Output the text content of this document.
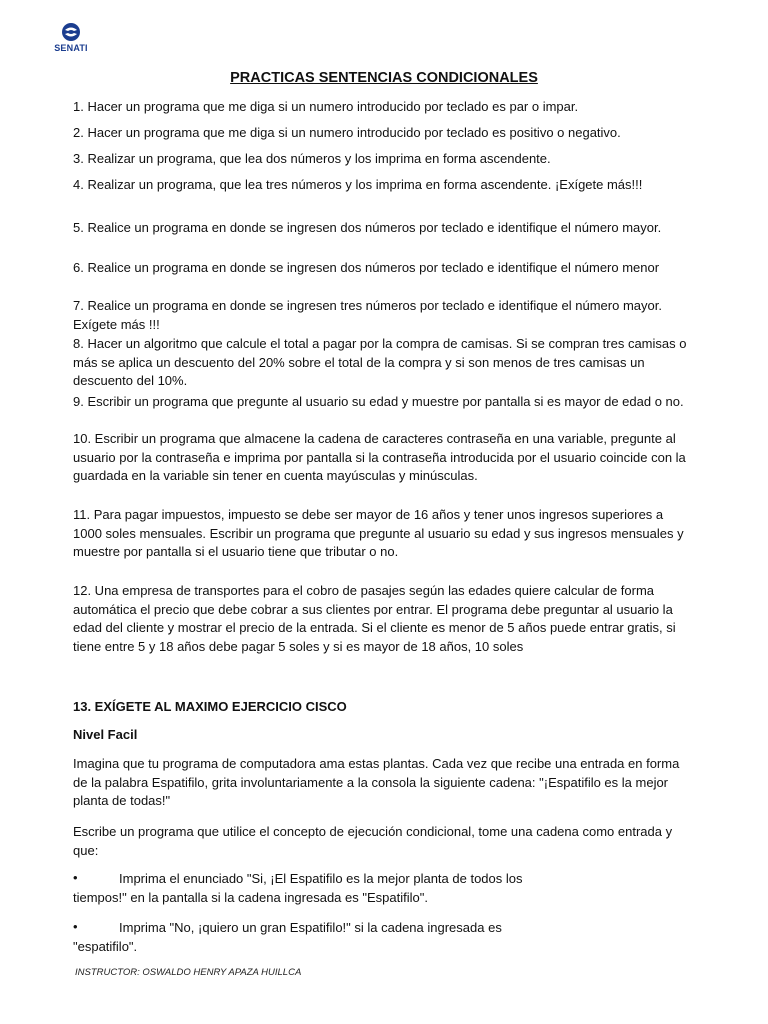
SENATI
PRACTICAS SENTENCIAS CONDICIONALES
1. Hacer un programa que me diga si un numero introducido por teclado es par o impar.
2. Hacer un programa que me diga si un numero introducido por teclado es positivo o negativo.
3. Realizar un programa, que lea dos números y los imprima en forma ascendente.
4. Realizar un programa, que lea tres números y los imprima en forma ascendente. ¡Exígete más!!!
5. Realice un programa en donde se ingresen dos números por teclado e identifique el número mayor.
6. Realice un programa en donde se ingresen dos números por teclado e identifique el número menor
7. Realice un programa en donde se ingresen tres números por teclado e identifique el número mayor. Exígete más !!!
8. Hacer un algoritmo que calcule el total a pagar por la compra de camisas. Si se compran tres camisas o más se aplica un descuento del 20% sobre el total de la compra y si son menos de tres camisas un descuento del 10%.
9. Escribir un programa que pregunte al usuario su edad y muestre por pantalla si es mayor de edad o no.
10. Escribir un programa que almacene la cadena de caracteres contraseña en una variable, pregunte al usuario por la contraseña e imprima por pantalla si la contraseña introducida por el usuario coincide con la guardada en la variable sin tener en cuenta mayúsculas y minúsculas.
11. Para pagar impuestos, impuesto se debe ser mayor de 16 años y tener unos ingresos superiores a 1000 soles mensuales. Escribir un programa que pregunte al usuario su edad y sus ingresos mensuales y muestre por pantalla si el usuario tiene que tributar o no.
12. Una empresa de transportes para el cobro de pasajes según las edades quiere calcular de forma automática el precio que debe cobrar a sus clientes por entrar. El programa debe preguntar al usuario la edad del cliente y mostrar el precio de la entrada. Si el cliente es menor de 5 años puede entrar gratis, si tiene entre 5 y 18 años debe pagar 5 soles y si es mayor de 18 años, 10 soles
13. EXÍGETE AL MAXIMO EJERCICIO CISCO
Nivel Facil
Imagina que tu programa de computadora ama estas plantas. Cada vez que recibe una entrada en forma de la palabra Espatifilo, grita involuntariamente a la consola la siguiente cadena: "¡Espatifilo es la mejor planta de todas!"
Escribe un programa que utilice el concepto de ejecución condicional, tome una cadena como entrada y que:
•	Imprima el enunciado "Si, ¡El Espatifilo es la mejor planta de todos los
tiempos!" en la pantalla si la cadena ingresada es "Espatifilo".
•	Imprima "No, ¡quiero un gran Espatifilo!" si la cadena ingresada es
"espatifilo".
INSTRUCTOR: OSWALDO HENRY APAZA HUILLCA
